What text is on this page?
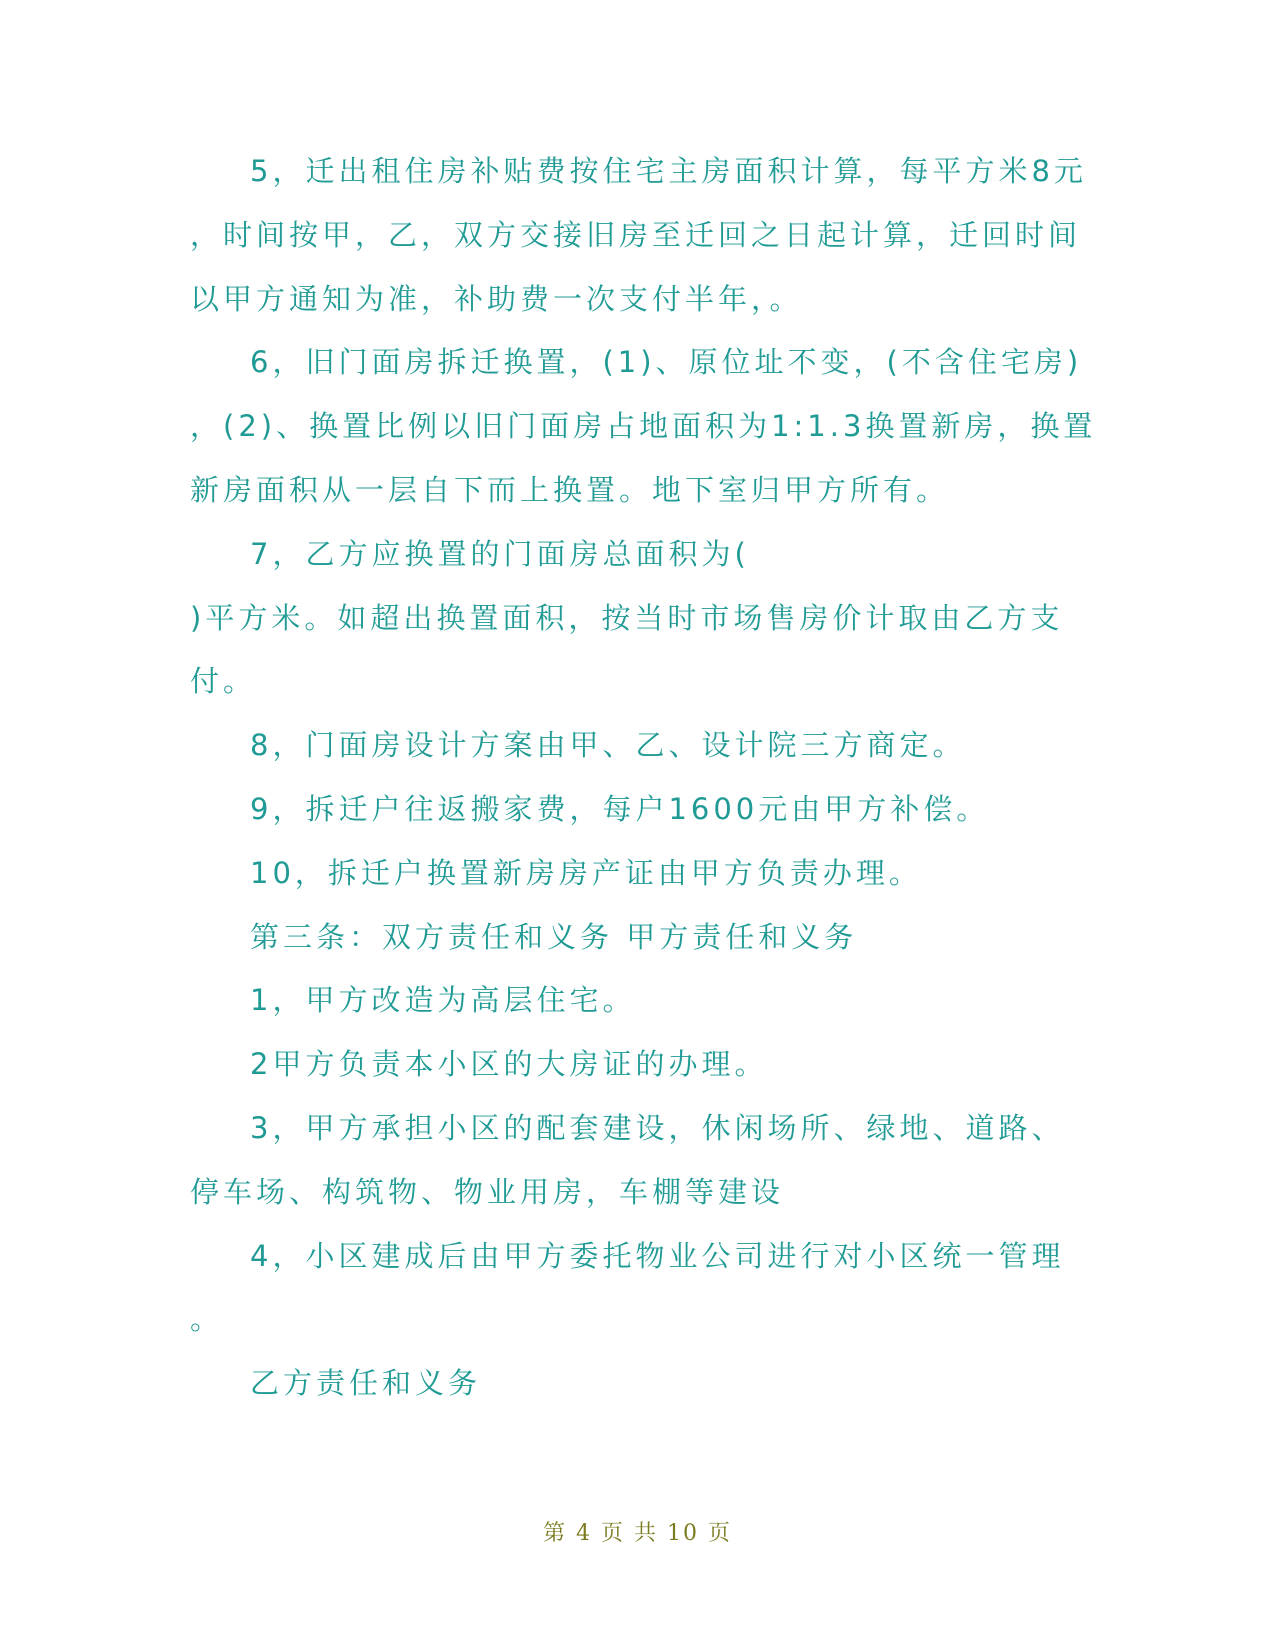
5，迁出租住房补贴费按住宅主房面积计算，每平方米8元

，时间按甲，乙，双方交接旧房至迁回之日起计算，迁回时间

以甲方通知为准，补助费一次支付半年，。

6，旧门面房拆迁换置，(1)、原位址不变，(不含住宅房)

，(2)、换置比例以旧门面房占地面积为1:1.3换置新房，换置

新房面积从一层自下而上换置。地下室归甲方所有。

7，乙方应换置的门面房总面积为(

)平方米。如超出换置面积，按当时市场售房价计取由乙方支

付。

8，门面房设计方案由甲、乙、设计院三方商定。

9，拆迁户往返搬家费，每户1600元由甲方补偿。

10，拆迁户换置新房房产证由甲方负责办理。

第三条：双方责任和义务 甲方责任和义务

1，甲方改造为高层住宅。

2甲方负责本小区的大房证的办理。

3，甲方承担小区的配套建设，休闲场所、绿地、道路、

停车场、构筑物、物业用房，车棚等建设

4，小区建成后由甲方委托物业公司进行对小区统一管理

。

乙方责任和义务

第 4 页 共 10 页
